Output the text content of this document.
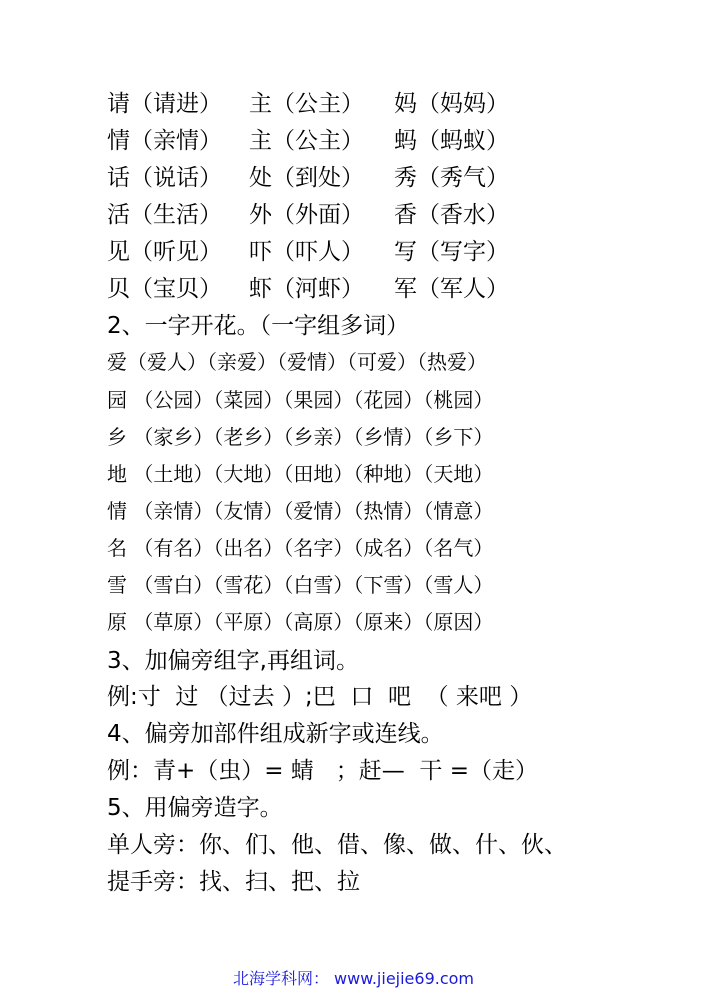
请（请进）

主（公主）

妈（妈妈）

情（亲情）

主（公主）

蚂（蚂蚁）

话（说话）

处（到处）

秀（秀气）

活（生活）

外（外面）

香（香水）

见（听见）

吓（吓人）

写（写字）

贝（宝贝）

虾（河虾）

军（军人）

2、一字开花。（一字组多词）
爱（爱人）（亲爱）（爱情）（可爱）（热爱）
园 （公园）（菜园）（果园）（花园）（桃园）
乡 （家乡）（老乡）（乡亲）（乡情）（乡下）
地 （土地）（大地）（田地）（种地）（天地）
情 （亲情）（友情）（爱情）（热情）（情意）
名 （有名）（出名）（名字）（成名）（名气）
雪 （雪白）（雪花）（白雪）（下雪）（雪人）
原 （草原）（平原）（高原）（原来）（原因）
3、加偏旁组字,再组词。
例:寸  过 （过去 ）;巴  口  吧  （ 来吧 ）
4、偏旁加部件组成新字或连线。
例：青+（虫）= 蜻   ；赶—  干 =（走）
5、用偏旁造字。
单人旁：你、们、他、借、像、做、什、伙、
提手旁：找、扫、把、拉
北海学科网： www.jiejie69.com
